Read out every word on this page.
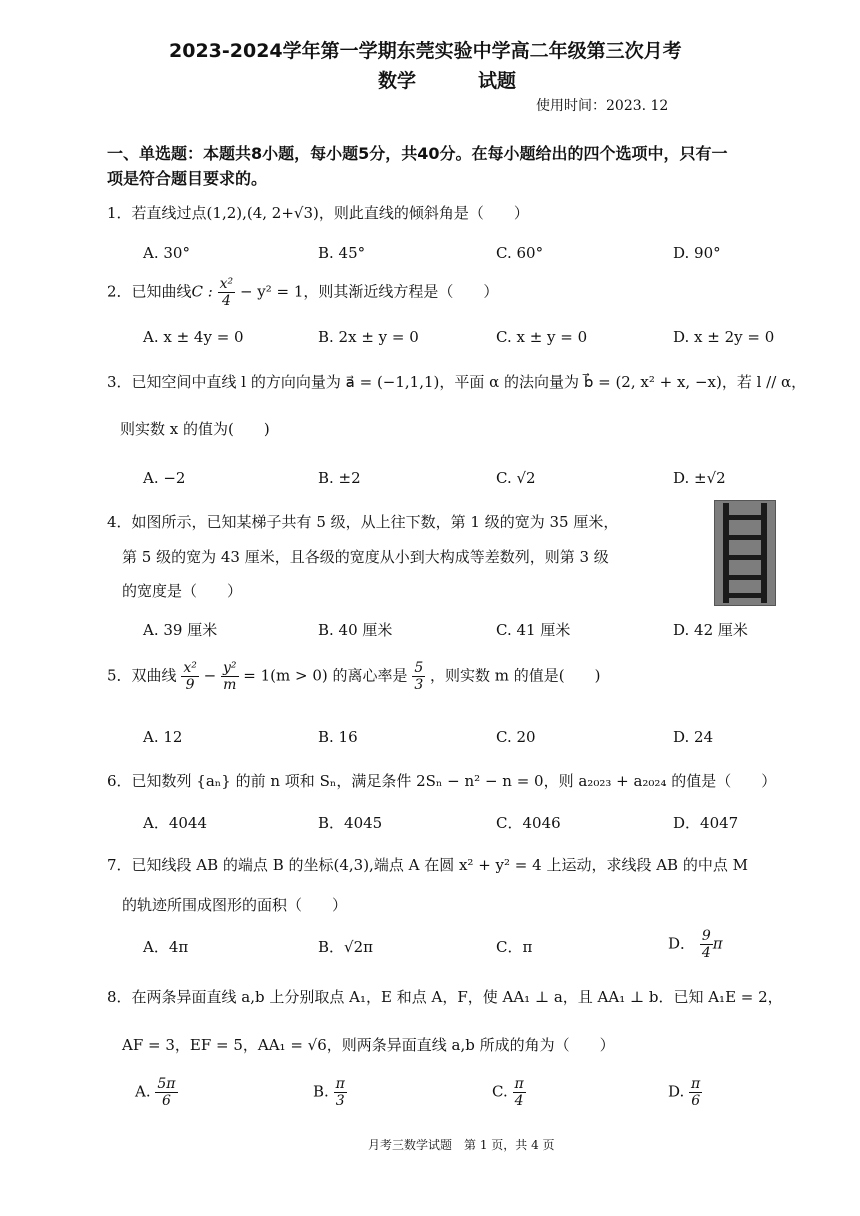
2023-2024学年第一学期东莞实验中学高二年级第三次月考
数学	试题
使用时间：2023. 12
一、单选题：本题共8小题，每小题5分，共40分。在每小题给出的四个选项中，只有一
项是符合题目要求的。
1．若直线过点(1,2),(4, 2+√3)，则此直线的倾斜角是（　　）
A. 30°	B. 45°	C. 60°	D. 90°
2．已知曲线C : $\frac{\text{x²}}{4} - y^2 = 1$，则其渐近线方程是（　　）
A. x ± 4y = 0	B. 2x ± y = 0	C. x ± y = 0	D. x ± 2y = 0
3．已知空间中直线 l 的方向向量为 a⃗ = (−1,1,1)，平面 α 的法向量为 b⃗ = (2, x² + x, −x)，若 l // α，
则实数 x 的值为(　　)
A. −2	B. ±2	C. √2	D. ±√2
4．如图所示，已知某梯子共有 5 级，从上往下数，第 1 级的宽为 35 厘米，
第 5 级的宽为 43 厘米，且各级的宽度从小到大构成等差数列，则第 3 级
的宽度是（　　）
A. 39 厘米	B. 40 厘米	C. 41 厘米	D. 42 厘米
5．双曲线 $\frac{\text{x²}}{9} - \frac{\text{y²}}{m} = 1(m > 0)$ 的离心率是 $\frac{5}{3}$ ，则实数 m 的值是(　　)
A. 12	B. 16	C. 20	D. 24
6．已知数列 {aₙ} 的前 n 项和 Sₙ，满足条件 2Sₙ − n² − n = 0，则 a₂₀₂₃ + a₂₀₂₄ 的值是（　　）
A．4044	B．4045	C．4046	D．4047
7．已知线段 AB 的端点 B 的坐标(4,3),端点 A 在圆 x² + y² = 4 上运动，求线段 AB 的中点 M
的轨迹所围成图形的面积（　　）
A．4π	B．√2π	C．π	D． $\frac{9}{4}$ π
8．在两条异面直线 a,b 上分别取点 A₁，E 和点 A，F，使 AA₁ ⊥ a，且 AA₁ ⊥ b．已知 A₁E = 2，
AF = 3，EF = 5，AA₁ = √6，则两条异面直线 a,b 所成的角为（　　）
A. $\frac{5\pi}{6}$	B. $\frac{\pi}{3}$	C. $\frac{\pi}{4}$	D. $\frac{\pi}{6}$
月考三数学试题　第 1 页，共 4 页
